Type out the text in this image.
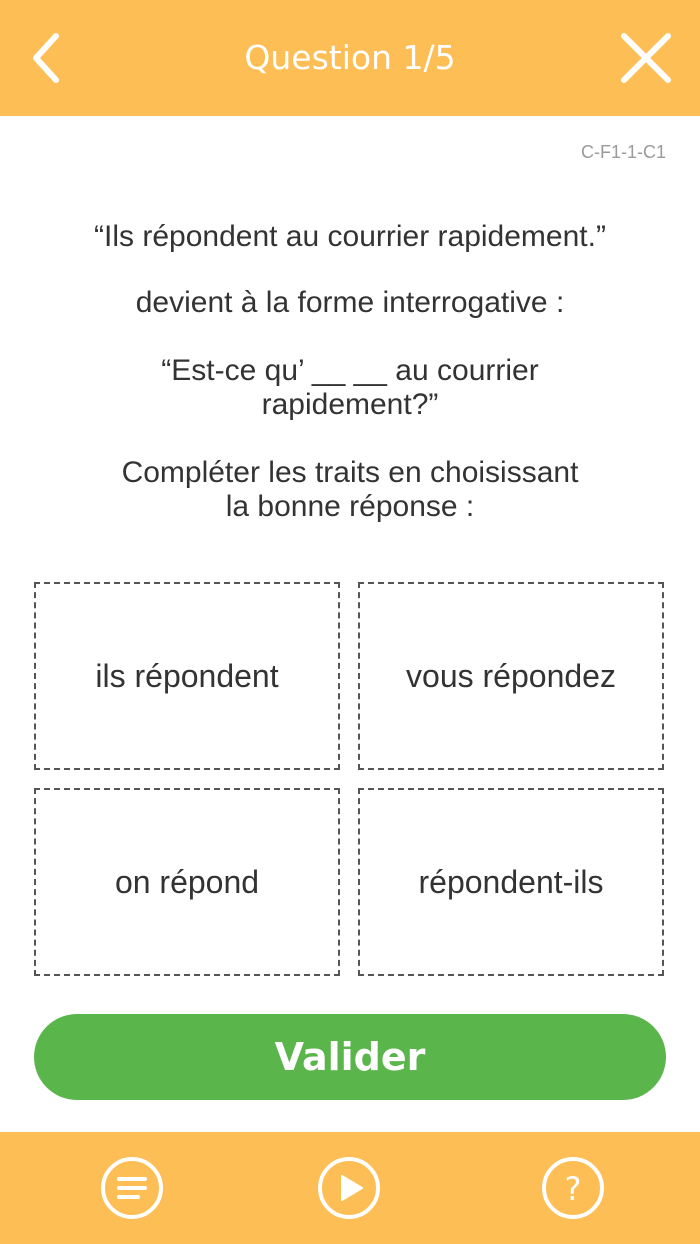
Question 1/5
C-F1-1-C1
“Ils répondent au courrier rapidement.”
devient à la forme interrogative :
“Est-ce qu’ __ __ au courrier
rapidement?”
Compléter les traits en choisissant
la bonne réponse :
ils répondent	vous répondez
on répond	répondent-ils
Valider
?
